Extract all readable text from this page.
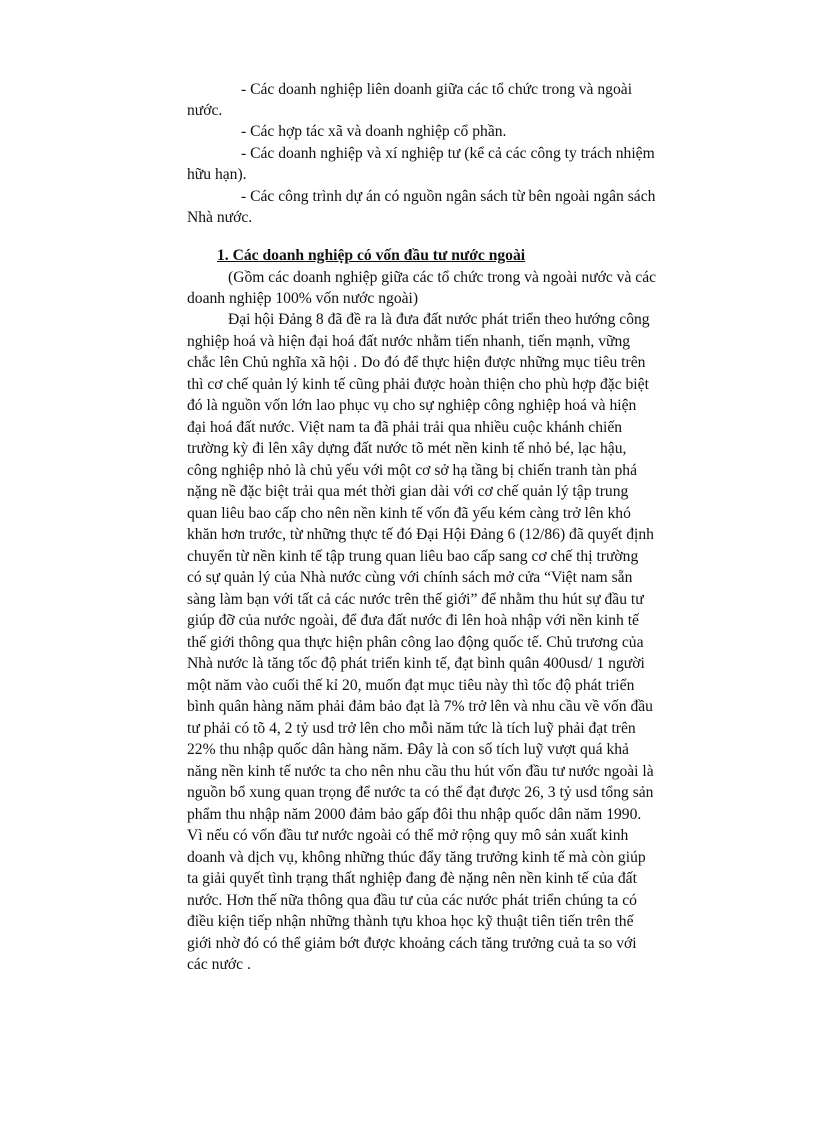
- Các doanh nghiệp liên doanh giữa các tổ chức trong và ngoài
nước.
- Các hợp tác xã và doanh nghiệp cổ phần.
- Các doanh nghiệp và xí nghiệp tư (kể cả các công ty trách nhiệm
hữu hạn).
- Các công trình dự án có nguồn ngân sách từ bên ngoài ngân sách
Nhà nước.
1. Các doanh nghiệp có vốn đầu tư nước ngoài
(Gồm các doanh nghiệp giữa các tổ chức trong và ngoài nước và các
doanh nghiệp 100% vốn nước ngoài)
Đại hội Đảng 8 đã đề ra là đưa đất nước phát triển theo hướng công
nghiệp hoá và hiện đại hoá đất nước nhằm tiến nhanh, tiến mạnh, vững
chắc lên Chủ nghĩa xã hội . Do đó để thực hiện được những mục tiêu trên
thì cơ chế quản lý kinh tế cũng phải được hoàn thiện cho phù hợp đặc biệt
đó là nguồn vốn lớn lao phục vụ cho sự nghiệp công nghiệp hoá và hiện
đại hoá đất nước. Việt nam ta đã phải trải qua nhiều cuộc khánh chiến
trường kỳ đi lên xây dựng đất nước tõ mét nền kinh tế nhỏ bé, lạc hậu,
công nghiệp nhỏ là chủ yếu với một cơ sở hạ tầng bị chiến tranh tàn phá
nặng nề đặc biệt trải qua mét thời gian dài với cơ chế quản lý tập trung
quan liêu bao cấp cho nên nền kinh tế vốn đã yếu kém càng trở lên khó
khăn hơn trước, từ những thực tế đó Đại Hội Đảng 6 (12/86) đã quyết định
chuyển từ nền kinh tế tập trung quan liêu bao cấp sang cơ chế thị trường
có sự quản lý của Nhà nước cùng với chính sách mở cửa “Việt nam sẵn
sàng làm bạn với tất cả các nước trên thế giới” để nhằm thu hút sự đầu tư
giúp đỡ của nước ngoài, để đưa đất nước đi lên hoà nhập với nền kinh tế
thế giới thông qua thực hiện phân công lao động quốc tế. Chủ trương của
Nhà nước là tăng tốc độ phát triển kinh tế, đạt bình quân 400usd/ 1 người
một năm vào cuối thế kỉ 20, muốn đạt mục tiêu này thì tốc độ phát triển
bình quân hàng năm phải đảm bảo đạt là 7% trở lên và nhu cầu về vốn đầu
tư phải có tõ 4, 2 tỷ usd trở lên cho mỗi năm tức là tích luỹ phải đạt trên
22% thu nhập quốc dân hàng năm. Đây là con số tích luỹ vượt quá khả
năng nền kinh tế nước ta cho nên nhu cầu thu hút vốn đầu tư nước ngoài là
nguồn bổ xung quan trọng để nước ta có thể đạt được 26, 3 tỷ usd tổng sản
phẩm thu nhập năm 2000 đảm bảo gấp đôi thu nhập quốc dân năm 1990.
Vì nếu có vốn đầu tư nước ngoài có thể mở rộng quy mô sản xuất kinh
doanh và dịch vụ, không những thúc đẩy tăng trưởng kinh tế mà còn giúp
ta giải quyết tình trạng thất nghiệp đang đè nặng nên nền kinh tế của đất
nước. Hơn thế nữa thông qua đầu tư của các nước phát triển chúng ta có
điều kiện tiếp nhận những thành tựu khoa học kỹ thuật tiên tiến trên thế
giới nhờ đó có thể giảm bớt được khoảng cách tăng trưởng cuả ta so với
các nước .
